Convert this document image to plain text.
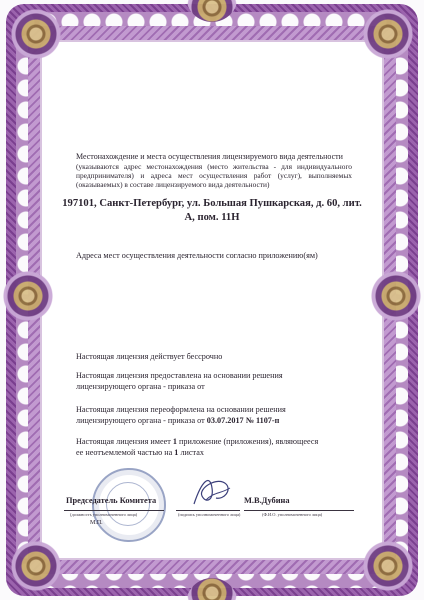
Местонахождение и места осуществления лицензируемого вида деятельности

(указываются адрес местонахождения (место жительства - для индивидуального предпринимателя) и адреса мест осуществления работ (услуг), выполняемых (оказываемых) в составе лицензируемого вида деятельности)

197101, Санкт-Петербург, ул. Большая Пушкарская, д. 60, лит. А, пом. 11Н

Адреса мест осуществления деятельности согласно приложению(ям)

Настоящая лицензия действует бессрочно

Настоящая лицензия предоставлена на основании решения
лицензирующего органа - приказа от
Настоящая лицензия переоформлена на основании решения
лицензирующего органа - приказа от 03.07.2017 № 1107-п
Настоящая лицензия имеет 1 приложение (приложения), являющееся
ее неотъемлемой частью на 1 листах

Председатель Комитета	М.В.Дубина

(должность уполномоченного лица)	(подпись уполномоченного лица)	(Ф.И.О. уполномоченного лица)

М.П.
